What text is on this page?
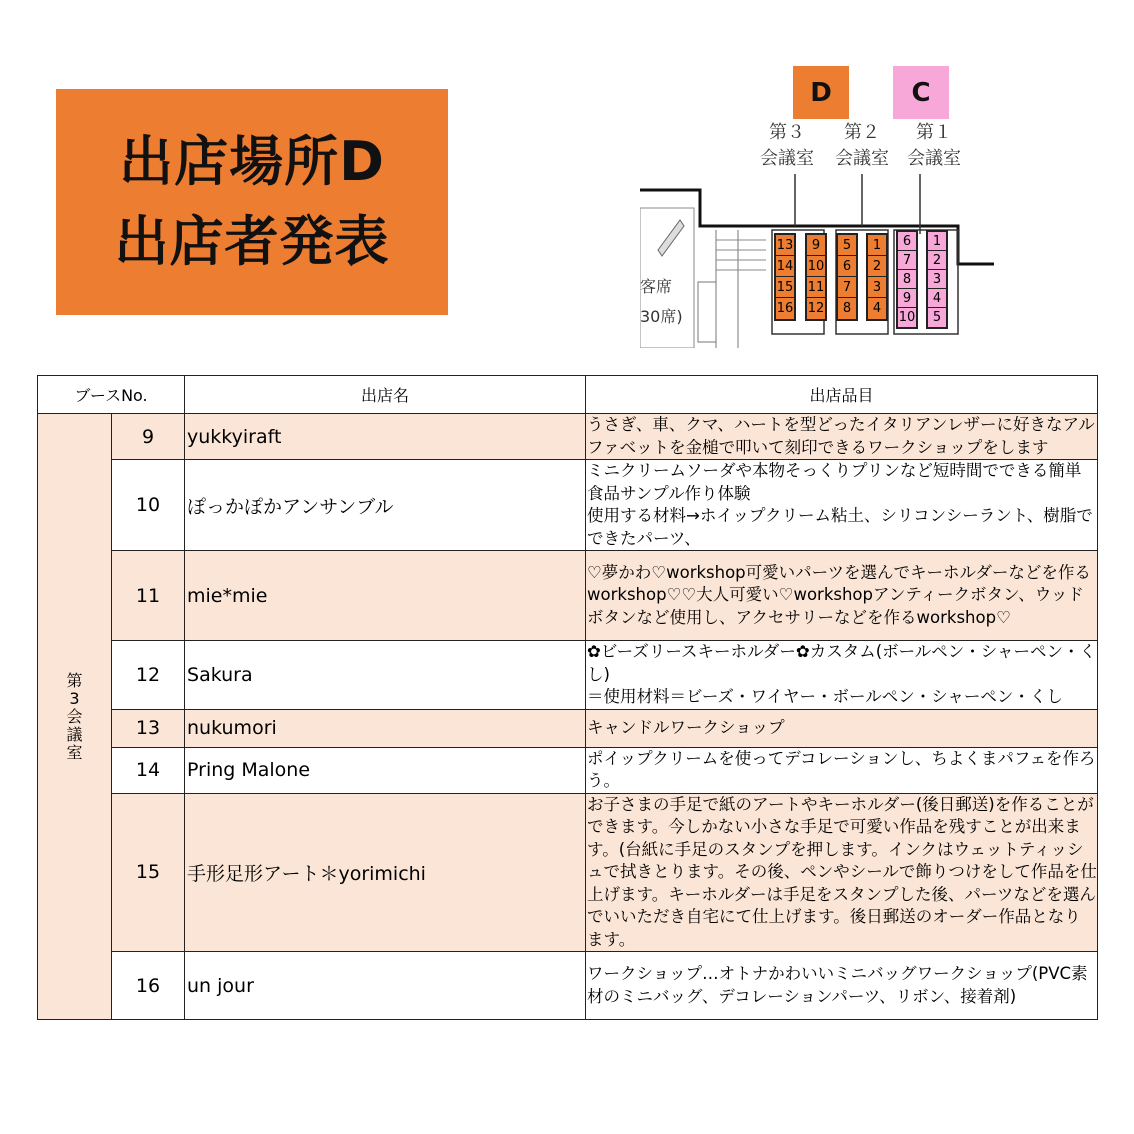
出店場所D
出店者発表
D	C
第３
会議室
第２
会議室
第１
会議室
客席
30席)
13
14
15
16
9
10
11
12
5
6
7
8
1
2
3
4
6
7
8
9
10
1
2
3
4
5
ブースNo.		出店名	出店品目
第3会議室	9	yukkyiraft	うさぎ、車、クマ、ハートを型どったイタリアンレザーに好きなアルファベットを金槌で叩いて刻印できるワークショップをします
	10	ぽっかぽかアンサンブル	ミニクリームソーダや本物そっくりプリンなど短時間でできる簡単食品サンプル作り体験
使用する材料→ホイップクリーム粘土、シリコンシーラント、樹脂でできたパーツ、
	11	mie*mie	♡夢かわ♡workshop可愛いパーツを選んでキーホルダーなどを作るworkshop♡♡大人可愛い♡workshopアンティークボタン、ウッドボタンなど使用し、アクセサリーなどを作るworkshop♡
	12	Sakura	✿ビーズリースキーホルダー✿カスタム(ボールペン・シャーペン・くし)
＝使用材料＝ビーズ・ワイヤー・ボールペン・シャーペン・くし
	13	nukumori	キャンドルワークショップ
	14	Pring Malone	ポイップクリームを使ってデコレーションし、ちよくまパフェを作ろう。
	15	手形足形アート＊yorimichi	お子さまの手足で紙のアートやキーホルダー(後日郵送)を作ることができます。今しかない小さな手足で可愛い作品を残すことが出来ます。(台紙に手足のスタンプを押します。インクはウェットティッシュで拭きとります。その後、ペンやシールで飾りつけをして作品を仕上げます。キーホルダーは手足をスタンプした後、パーツなどを選んでいいただき自宅にて仕上げます。後日郵送のオーダー作品となります。
	16	un jour	ワークショップ…オトナかわいいミニバッグワークショップ(PVC素材のミニバッグ、デコレーションパーツ、リボン、接着剤)
